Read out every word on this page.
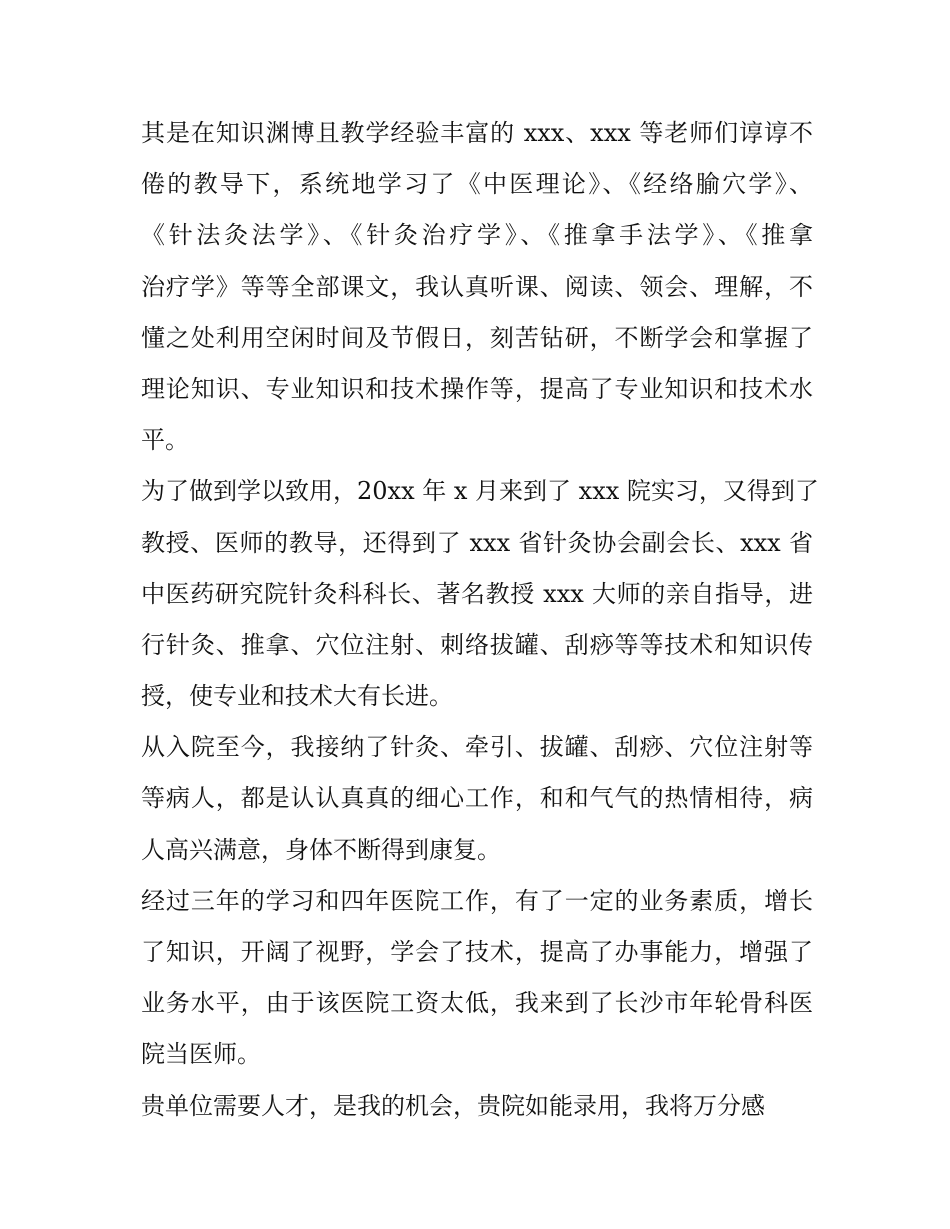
其是在知识渊博且教学经验丰富的 xxx、xxx 等老师们谆谆不
倦的教导下，系统地学习了《中医理论》、《经络腧穴学》、
《针法灸法学》、《针灸治疗学》、《推拿手法学》、《推拿
治疗学》等等全部课文，我认真听课、阅读、领会、理解，不
懂之处利用空闲时间及节假日，刻苦钻研，不断学会和掌握了
理论知识、专业知识和技术操作等，提高了专业知识和技术水
平。
为了做到学以致用，20xx 年 x 月来到了 xxx 院实习，又得到了
教授、医师的教导，还得到了 xxx 省针灸协会副会长、xxx 省
中医药研究院针灸科科长、著名教授 xxx 大师的亲自指导，进
行针灸、推拿、穴位注射、刺络拔罐、刮痧等等技术和知识传
授，使专业和技术大有长进。
从入院至今，我接纳了针灸、牵引、拔罐、刮痧、穴位注射等
等病人，都是认认真真的细心工作，和和气气的热情相待，病
人高兴满意，身体不断得到康复。
经过三年的学习和四年医院工作，有了一定的业务素质，增长
了知识，开阔了视野，学会了技术，提高了办事能力，增强了
业务水平，由于该医院工资太低，我来到了长沙市年轮骨科医
院当医师。
贵单位需要人才，是我的机会，贵院如能录用，我将万分感
